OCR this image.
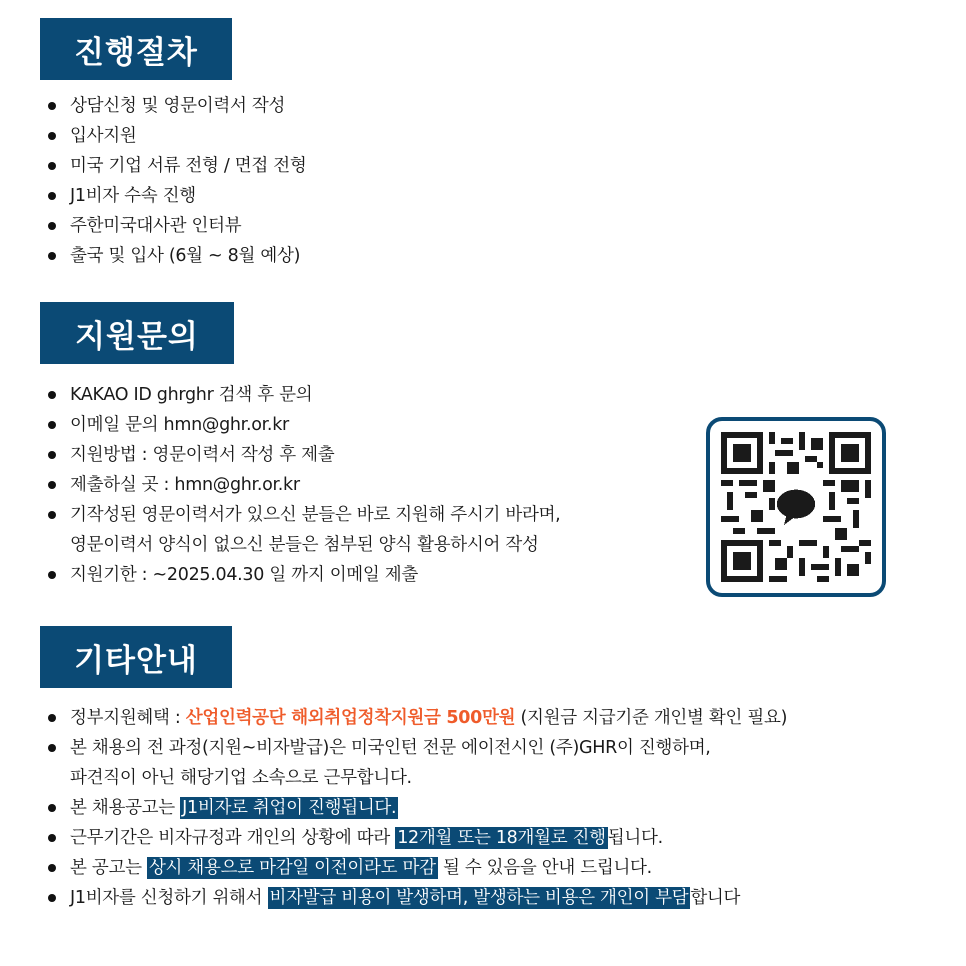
진행절차
상담신청 및 영문이력서 작성
입사지원
미국 기업 서류 전형 / 면접 전형
J1비자 수속 진행
주한미국대사관 인터뷰
출국 및 입사 (6월 ~ 8월 예상)
지원문의
KAKAO ID ghrghr 검색 후 문의
이메일 문의 hmn@ghr.or.kr
지원방법 : 영문이력서 작성 후 제출
제출하실 곳 : hmn@ghr.or.kr
기작성된 영문이력서가 있으신 분들은 바로 지원해 주시기 바라며,
영문이력서 양식이 없으신 분들은 첨부된 양식 활용하시어 작성
지원기한 : ~2025.04.30 일 까지 이메일 제출
기타안내
정부지원혜택 : 산업인력공단 해외취업정착지원금 500만원 (지원금 지급기준 개인별 확인 필요)
본 채용의 전 과정(지원~비자발급)은 미국인턴 전문 에이전시인 (주)GHR이 진행하며,
파견직이 아닌 해당기업 소속으로 근무합니다.
본 채용공고는 J1비자로 취업이 진행됩니다.
근무기간은 비자규정과 개인의 상황에 따라 12개월 또는 18개월로 진행 됩니다.
본 공고는 상시 채용으로 마감일 이전이라도 마감 될 수 있음을 안내 드립니다.
J1비자를 신청하기 위해서 비자발급 비용이 발생하며, 발생하는 비용은 개인이 부담 합니다
